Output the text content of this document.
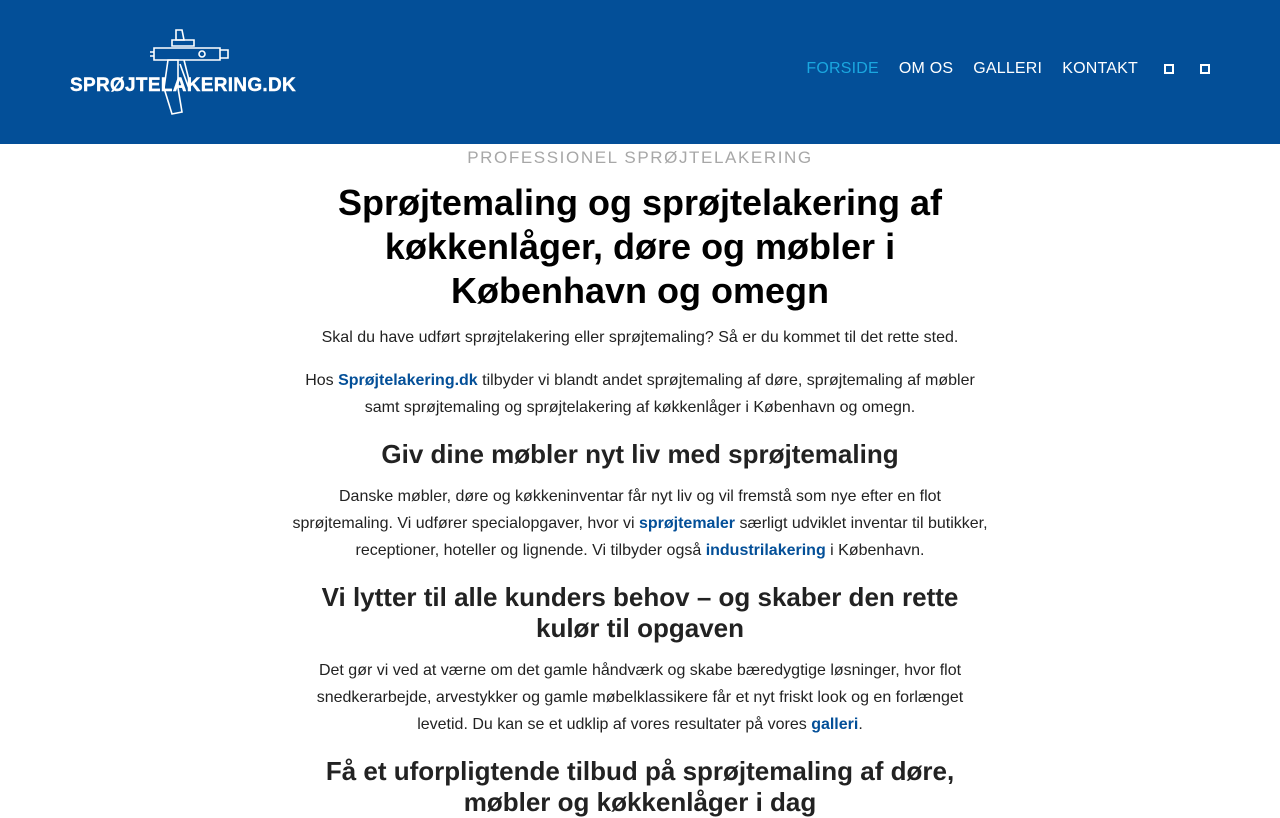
SPRØJTELAKERING.DK
FORSIDE OM OS GALLERI KONTAKT
PROFESSIONEL SPRØJTELAKERING
Sprøjtemaling og sprøjtelakering af køkkenlåger, døre og møbler i København og omegn

Skal du have udført sprøjtelakering eller sprøjtemaling? Så er du kommet til det rette sted.

Hos Sprøjtelakering.dk tilbyder vi blandt andet sprøjtemaling af døre, sprøjtemaling af møbler samt sprøjtemaling og sprøjtelakering af køkkenlåger i København og omegn.

Giv dine møbler nyt liv med sprøjtemaling

Danske møbler, døre og køkkeninventar får nyt liv og vil fremstå som nye efter en flot sprøjtemaling. Vi udfører specialopgaver, hvor vi sprøjtemaler særligt udviklet inventar til butikker, receptioner, hoteller og lignende. Vi tilbyder også industrilakering i København.

Vi lytter til alle kunders behov – og skaber den rette kulør til opgaven

Det gør vi ved at værne om det gamle håndværk og skabe bæredygtige løsninger, hvor flot snedkerarbejde, arvestykker og gamle møbelklassikere får et nyt friskt look og en forlænget levetid. Du kan se et udklip af vores resultater på vores galleri.

Få et uforpligtende tilbud på sprøjtemaling af døre, møbler og køkkenlåger i dag
